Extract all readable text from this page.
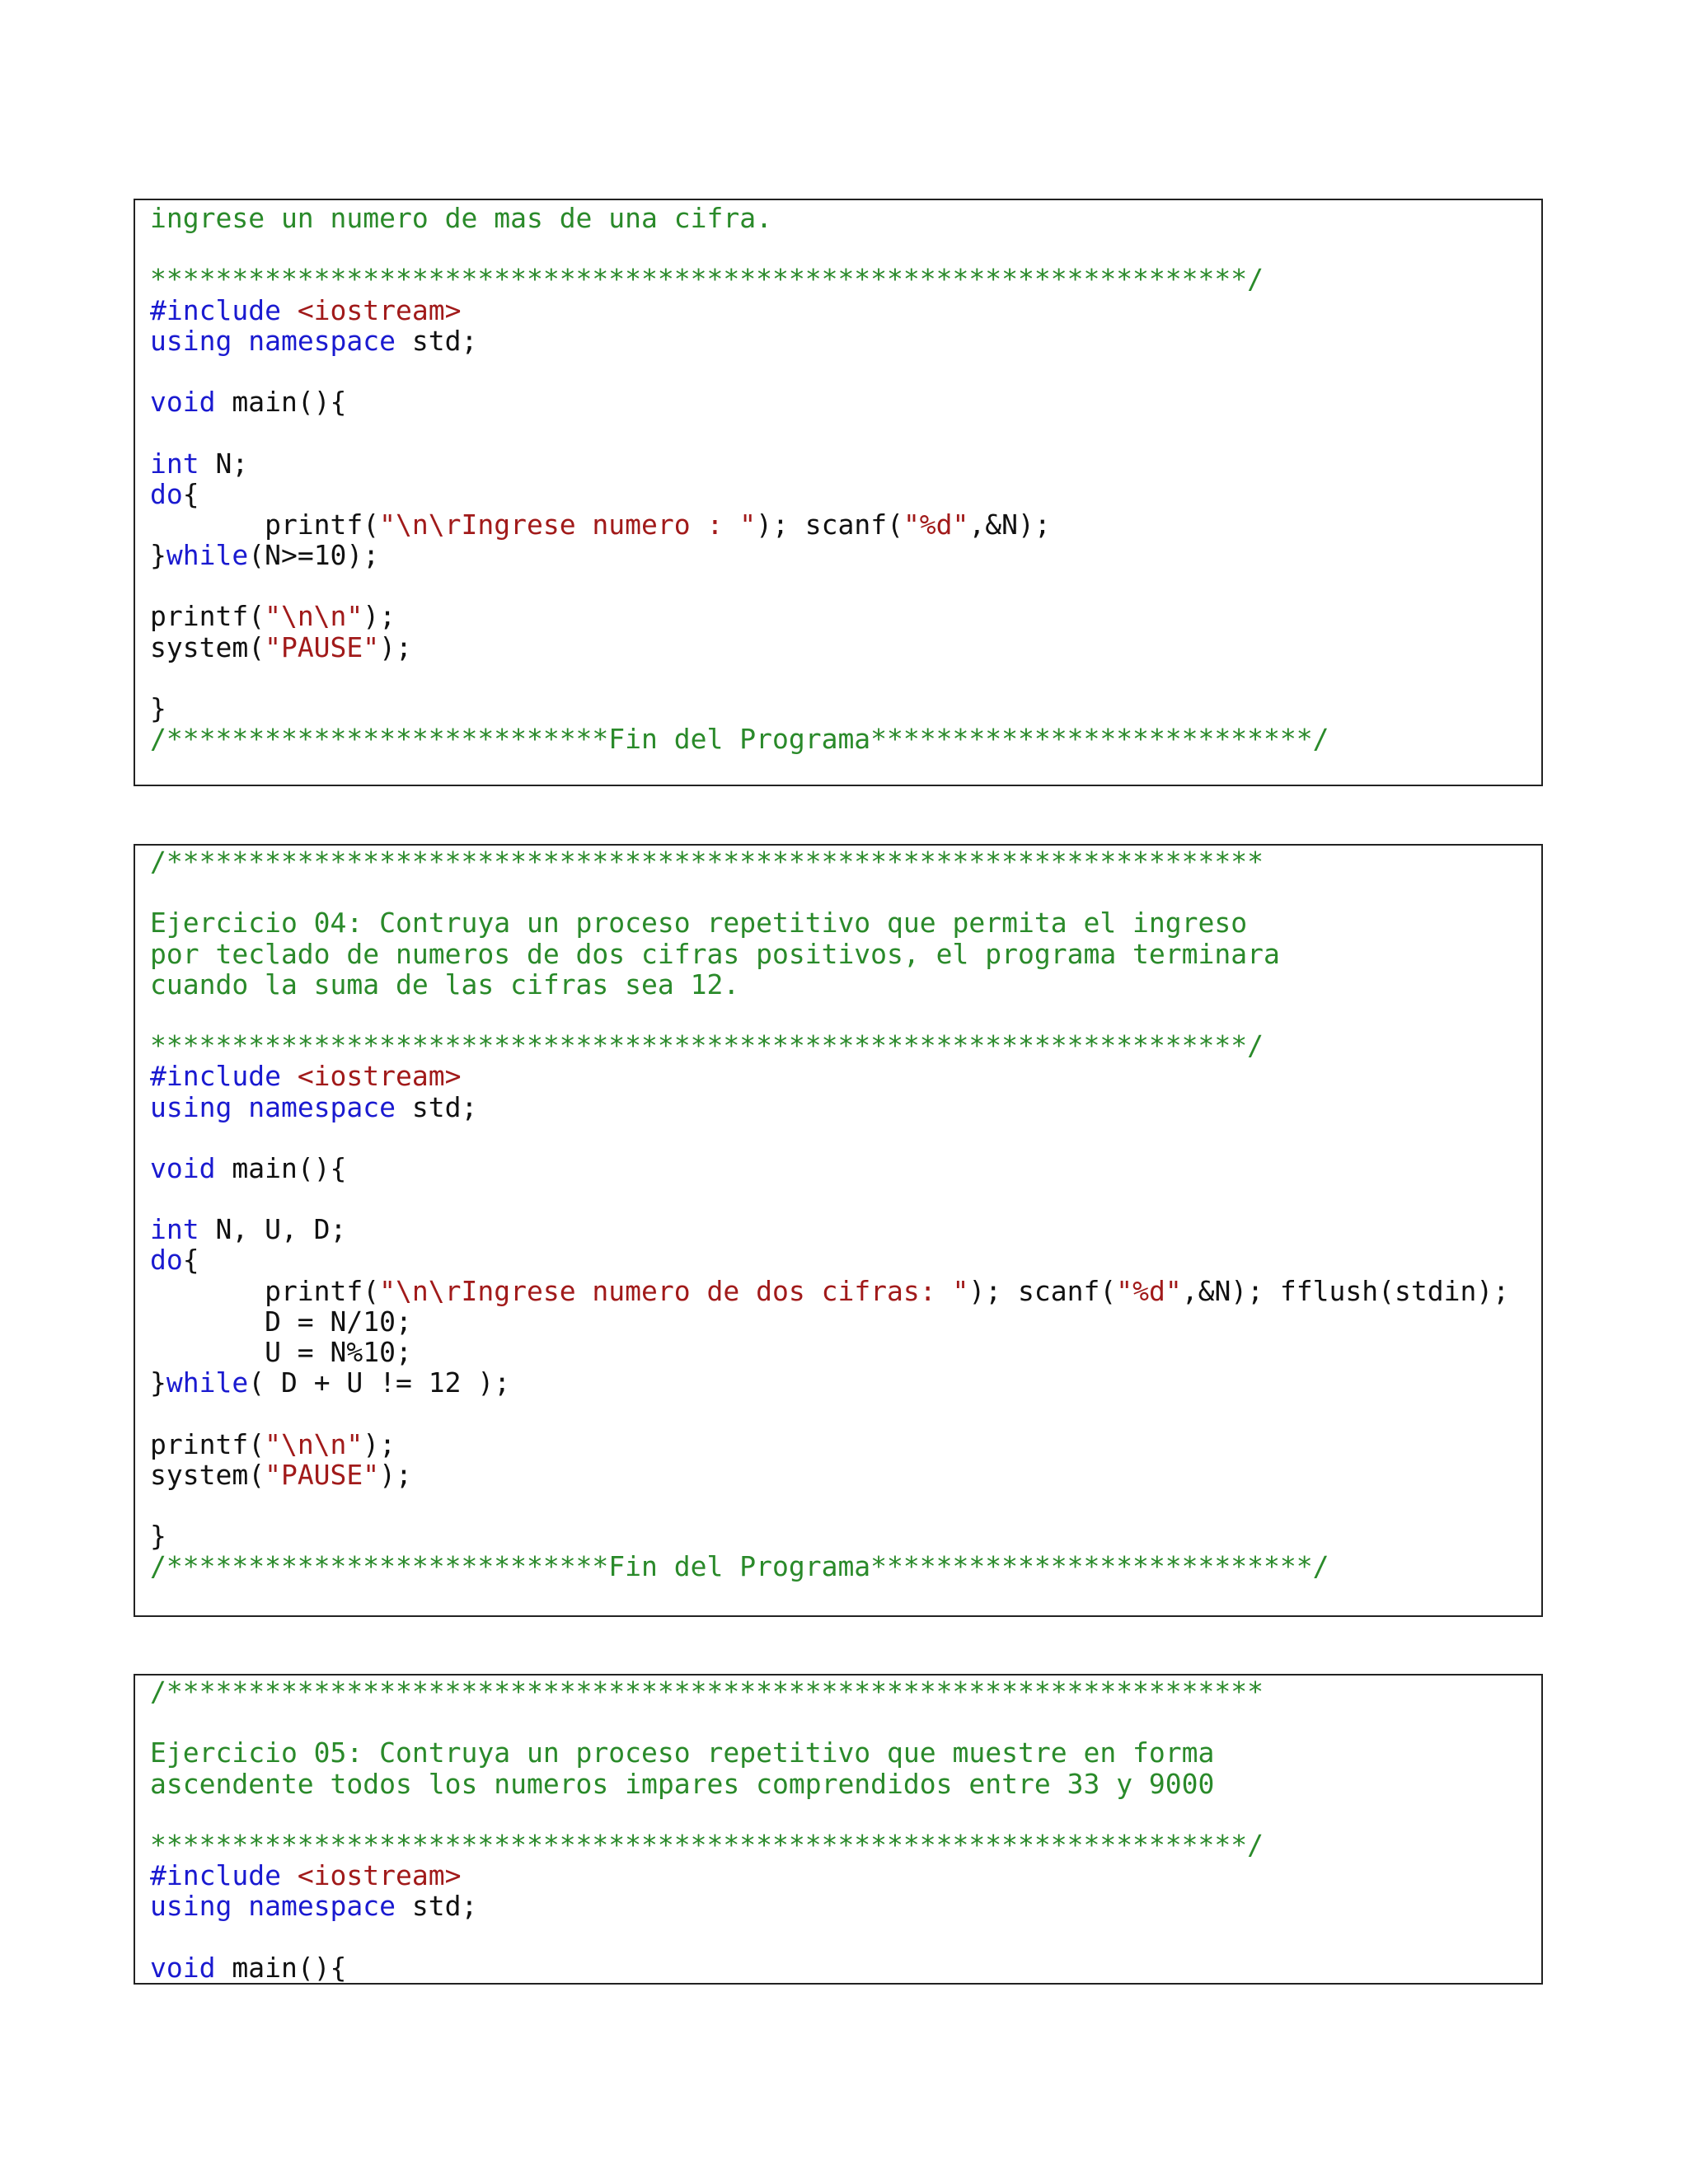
ingrese un numero de mas de una cifra.

*******************************************************************/
#include <iostream>
using namespace std;

void main(){

int N;
do{
printf("\n\rIngrese numero : "); scanf("%d",&N);
}while(N>=10);

printf("\n\n");
system("PAUSE");

}
/***************************Fin del Programa***************************/
/*******************************************************************

Ejercicio 04: Contruya un proceso repetitivo que permita el ingreso
por teclado de numeros de dos cifras positivos, el programa terminara
cuando la suma de las cifras sea 12.

*******************************************************************/
#include <iostream>
using namespace std;

void main(){

int N, U, D;
do{
printf("\n\rIngrese numero de dos cifras: "); scanf("%d",&N); fflush(stdin);
D = N/10;
U = N%10;
}while( D + U != 12 );

printf("\n\n");
system("PAUSE");

}
/***************************Fin del Programa***************************/
/*******************************************************************

Ejercicio 05: Contruya un proceso repetitivo que muestre en forma
ascendente todos los numeros impares comprendidos entre 33 y 9000

*******************************************************************/
#include <iostream>
using namespace std;

void main(){
